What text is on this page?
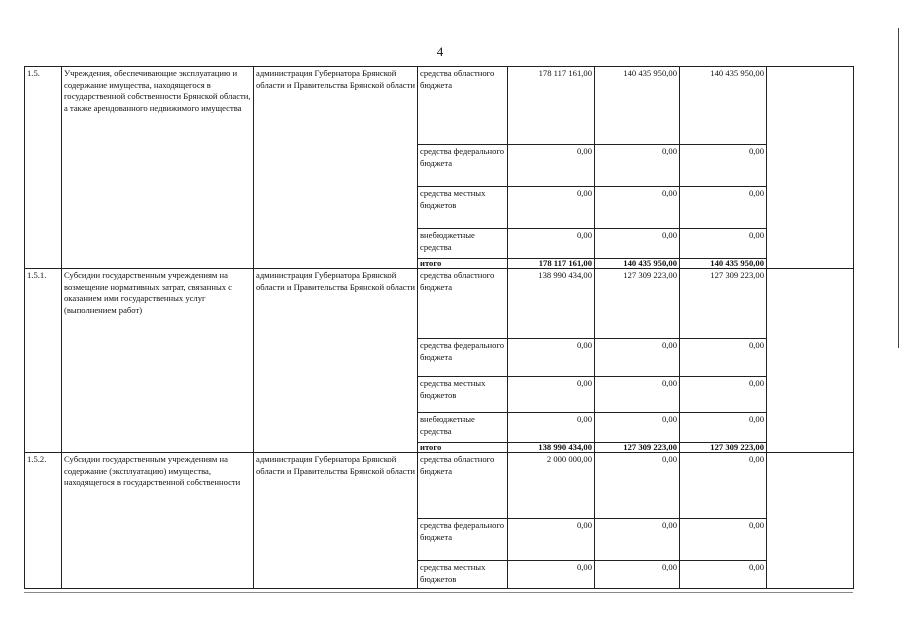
4
1.5.	Учреждения, обеспечивающие эксплуатацию и содержание имущества, находящегося в государственной собственности Брянской области, а также арендованного недвижимого имущества	администрация Губернатора Брянской области и Правительства Брянской области	средства областного бюджета	178 117 161,00	140 435 950,00	140 435 950,00	
			средства федерального бюджета	0,00	0,00	0,00	
			средства местных бюджетов	0,00	0,00	0,00	
			внебюджетные средства	0,00	0,00	0,00	
			итого	178 117 161,00	140 435 950,00	140 435 950,00	
1.5.1.	Субсидии государственным учреждениям на возмещение нормативных затрат, связанных с оказанием ими государственных услуг (выполнением работ)	администрация Губернатора Брянской области и Правительства Брянской области	средства областного бюджета	138 990 434,00	127 309 223,00	127 309 223,00	
			средства федерального бюджета	0,00	0,00	0,00	
			средства местных бюджетов	0,00	0,00	0,00	
			внебюджетные средства	0,00	0,00	0,00	
			итого	138 990 434,00	127 309 223,00	127 309 223,00	
1.5.2.	Субсидии государственным учреждениям на содержание (эксплуатацию) имущества, находящегося в государственной собственности	администрация Губернатора Брянской области и Правительства Брянской области	средства областного бюджета	2 000 000,00	0,00	0,00	
			средства федерального бюджета	0,00	0,00	0,00	
			средства местных бюджетов	0,00	0,00	0,00	
